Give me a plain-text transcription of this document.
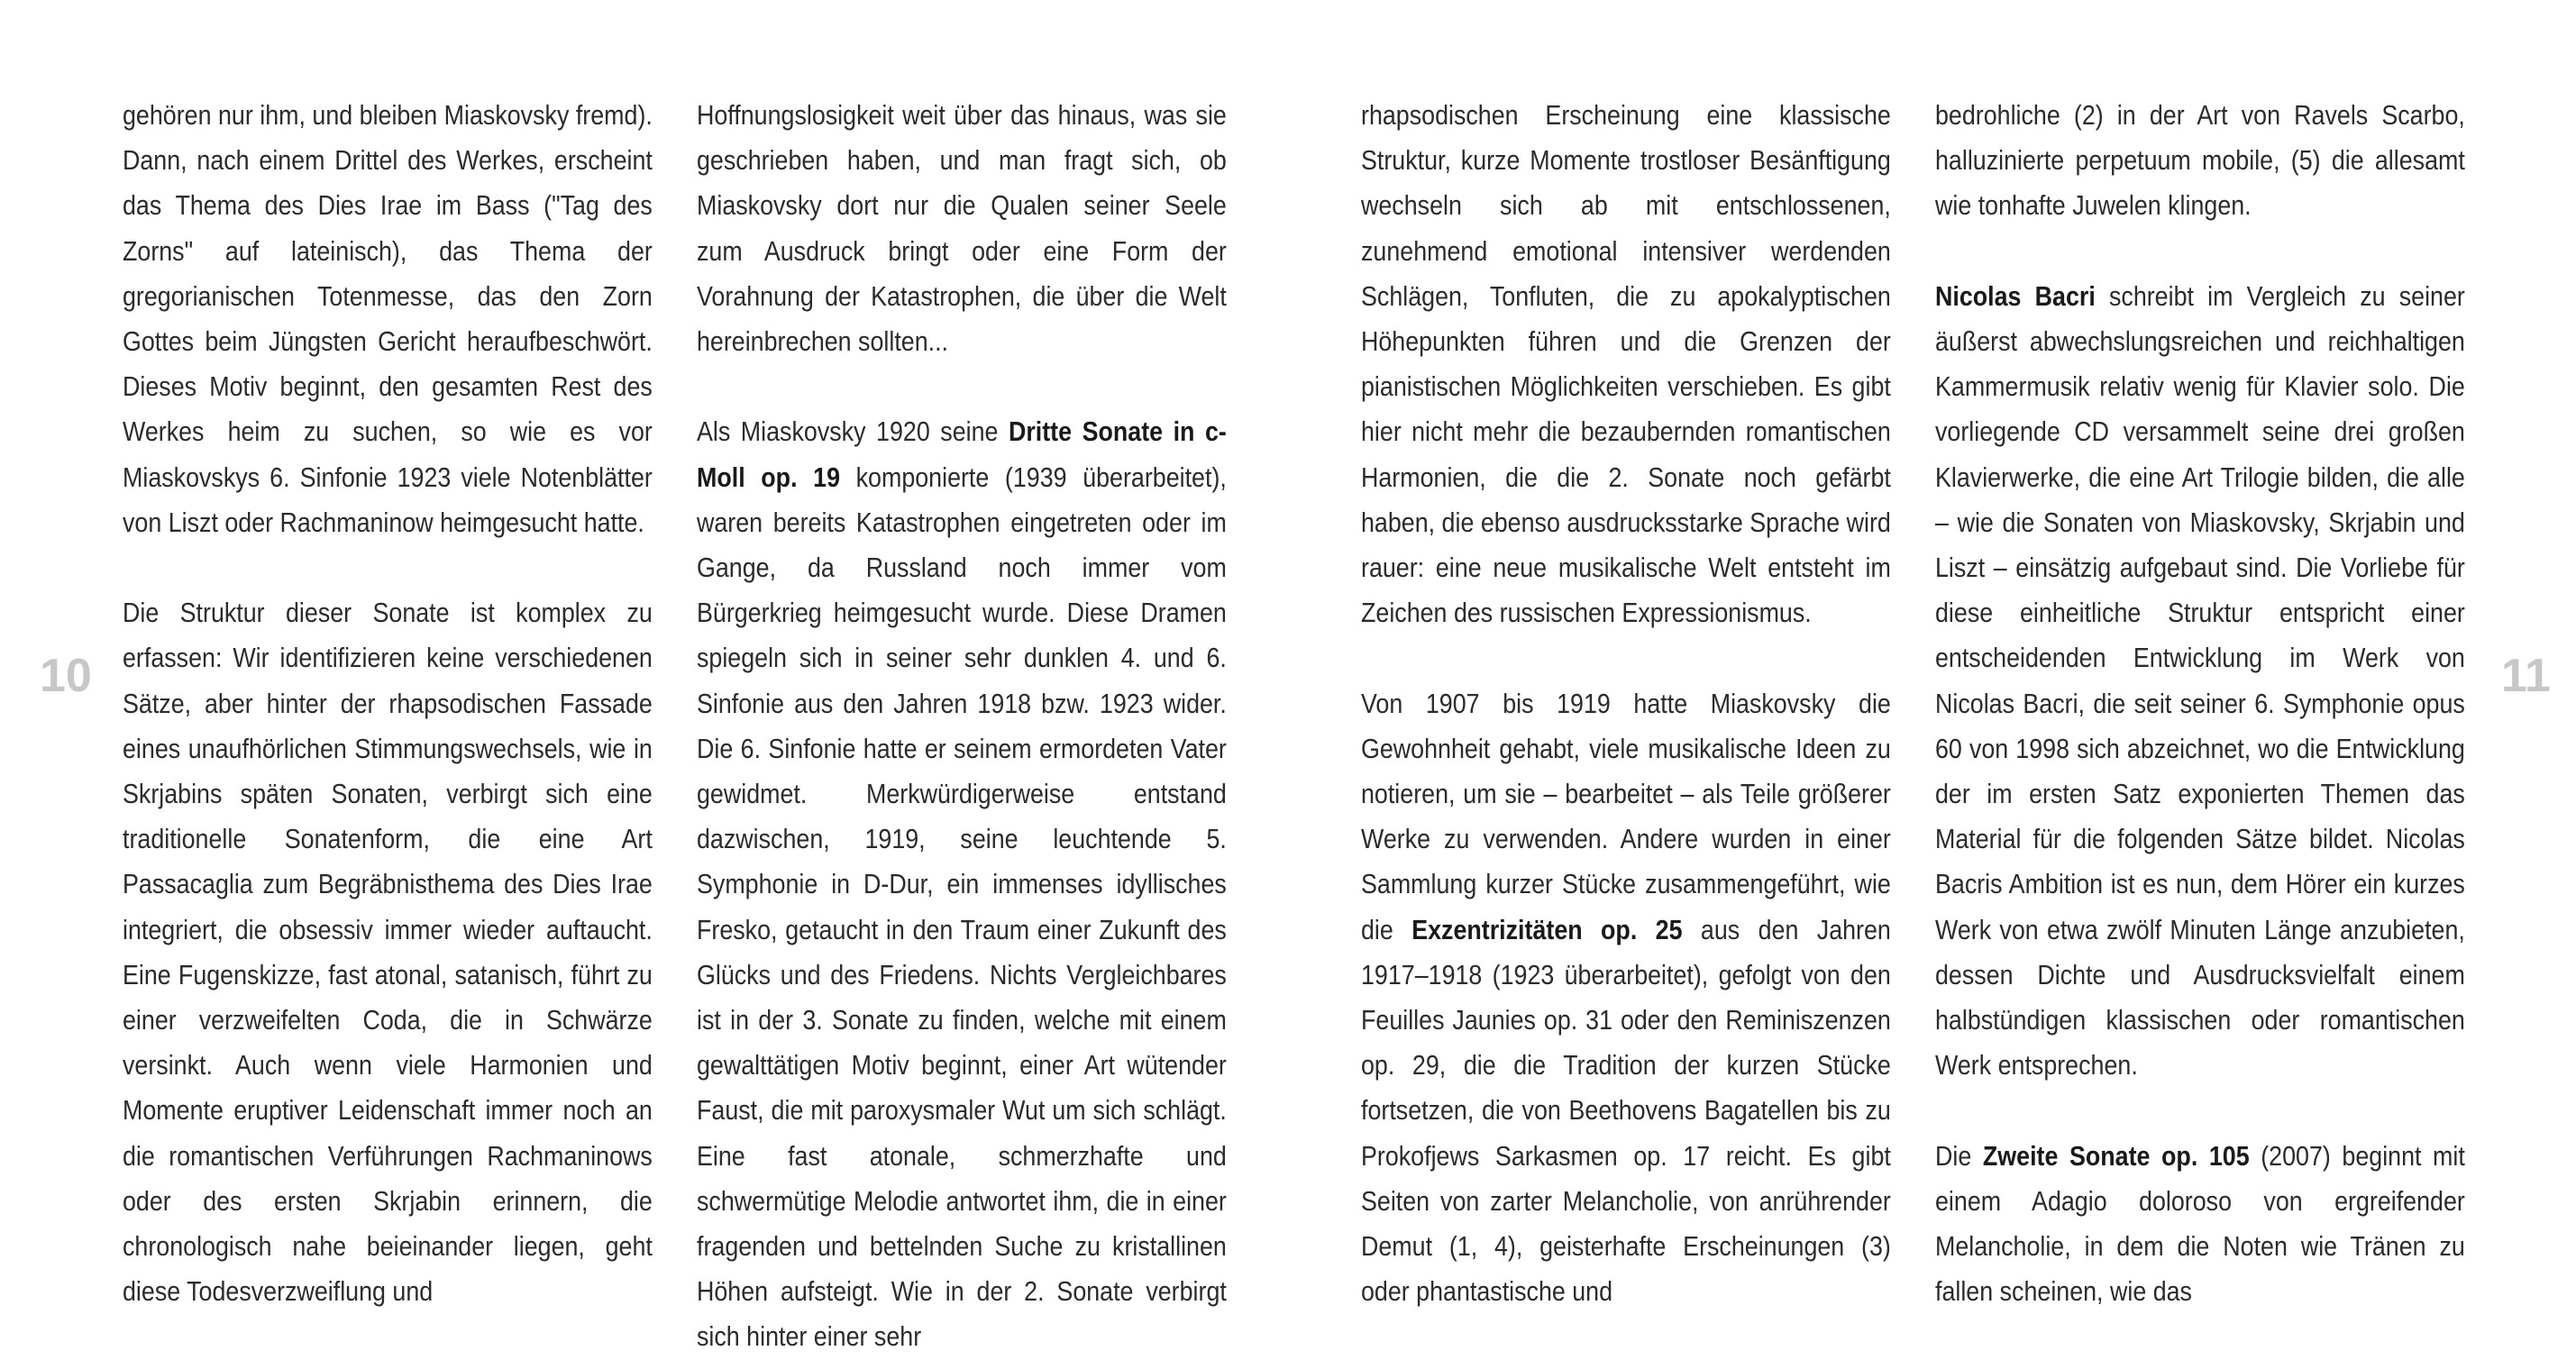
10	11

gehören nur ihm, und bleiben Miaskovsky fremd). Dann, nach einem Drittel des Werkes, erscheint das Thema des Dies Irae im Bass ("Tag des Zorns" auf lateinisch), das Thema der gregorianischen Totenmesse, das den Zorn Gottes beim Jüngsten Gericht heraufbeschwört. Dieses Motiv beginnt, den gesamten Rest des Werkes heim zu suchen, so wie es vor Miaskovskys 6. Sinfonie 1923 viele Notenblätter von Liszt oder Rachmaninow heimgesucht hatte.

Die Struktur dieser Sonate ist komplex zu erfassen: Wir identifizieren keine verschiedenen Sätze, aber hinter der rhapsodischen Fassade eines unaufhörlichen Stimmungswechsels, wie in Skrjabins späten Sonaten, verbirgt sich eine traditionelle Sonatenform, die eine Art Passacaglia zum Begräbnisthema des Dies Irae integriert, die obsessiv immer wieder auftaucht. Eine Fugenskizze, fast atonal, satanisch, führt zu einer verzweifelten Coda, die in Schwärze versinkt. Auch wenn viele Harmonien und Momente eruptiver Leidenschaft immer noch an die romantischen Verführungen Rachmaninows oder des ersten Skrjabin erinnern, die chronologisch nahe beieinander liegen, geht diese Todesverzweiflung und

Hoffnungslosigkeit weit über das hinaus, was sie geschrieben haben, und man fragt sich, ob Miaskovsky dort nur die Qualen seiner Seele zum Ausdruck bringt oder eine Form der Vorahnung der Katastrophen, die über die Welt hereinbrechen sollten...

Als Miaskovsky 1920 seine Dritte Sonate in c-Moll op. 19 komponierte (1939 überarbeitet), waren bereits Katastrophen eingetreten oder im Gange, da Russland noch immer vom Bürgerkrieg heimgesucht wurde. Diese Dramen spiegeln sich in seiner sehr dunklen 4. und 6. Sinfonie aus den Jahren 1918 bzw. 1923 wider. Die 6. Sinfonie hatte er seinem ermordeten Vater gewidmet. Merkwürdigerweise entstand dazwischen, 1919, seine leuchtende 5. Symphonie in D-Dur, ein immenses idyllisches Fresko, getaucht in den Traum einer Zukunft des Glücks und des Friedens. Nichts Vergleichbares ist in der 3. Sonate zu finden, welche mit einem gewalttätigen Motiv beginnt, einer Art wütender Faust, die mit paroxysmaler Wut um sich schlägt. Eine fast atonale, schmerzhafte und schwermütige Melodie antwortet ihm, die in einer fragenden und bettelnden Suche zu kristallinen Höhen aufsteigt. Wie in der 2. Sonate verbirgt sich hinter einer sehr

rhapsodischen Erscheinung eine klassische Struktur, kurze Momente trostloser Besänftigung wechseln sich ab mit entschlossenen, zunehmend emotional intensiver werdenden Schlägen, Tonfluten, die zu apokalyptischen Höhepunkten führen und die Grenzen der pianistischen Möglichkeiten verschieben. Es gibt hier nicht mehr die bezaubernden romantischen Harmonien, die die 2. Sonate noch gefärbt haben, die ebenso ausdrucksstarke Sprache wird rauer: eine neue musikalische Welt entsteht im Zeichen des russischen Expressionismus.

Von 1907 bis 1919 hatte Miaskovsky die Gewohnheit gehabt, viele musikalische Ideen zu notieren, um sie – bearbeitet – als Teile größerer Werke zu verwenden. Andere wurden in einer Sammlung kurzer Stücke zusammengeführt, wie die Exzentrizitäten op. 25 aus den Jahren 1917–1918 (1923 überarbeitet), gefolgt von den Feuilles Jaunies op. 31 oder den Reminiszenzen op. 29, die die Tradition der kurzen Stücke fortsetzen, die von Beethovens Bagatellen bis zu Prokofjews Sarkasmen op. 17 reicht. Es gibt Seiten von zarter Melancholie, von anrührender Demut (1, 4), geisterhafte Erscheinungen (3) oder phantastische und

bedrohliche (2) in der Art von Ravels Scarbo, halluzinierte perpetuum mobile, (5) die allesamt wie tonhafte Juwelen klingen.

Nicolas Bacri schreibt im Vergleich zu seiner äußerst abwechslungsreichen und reichhaltigen Kammermusik relativ wenig für Klavier solo. Die vorliegende CD versammelt seine drei großen Klavierwerke, die eine Art Trilogie bilden, die alle – wie die Sonaten von Miaskovsky, Skrjabin und Liszt – einsätzig aufgebaut sind. Die Vorliebe für diese einheitliche Struktur entspricht einer entscheidenden Entwicklung im Werk von Nicolas Bacri, die seit seiner 6. Symphonie opus 60 von 1998 sich abzeichnet, wo die Entwicklung der im ersten Satz exponierten Themen das Material für die folgenden Sätze bildet. Nicolas Bacris Ambition ist es nun, dem Hörer ein kurzes Werk von etwa zwölf Minuten Länge anzubieten, dessen Dichte und Ausdrucksvielfalt einem halbstündigen klassischen oder romantischen Werk entsprechen.

Die Zweite Sonate op. 105 (2007) beginnt mit einem Adagio doloroso von ergreifender Melancholie, in dem die Noten wie Tränen zu fallen scheinen, wie das
